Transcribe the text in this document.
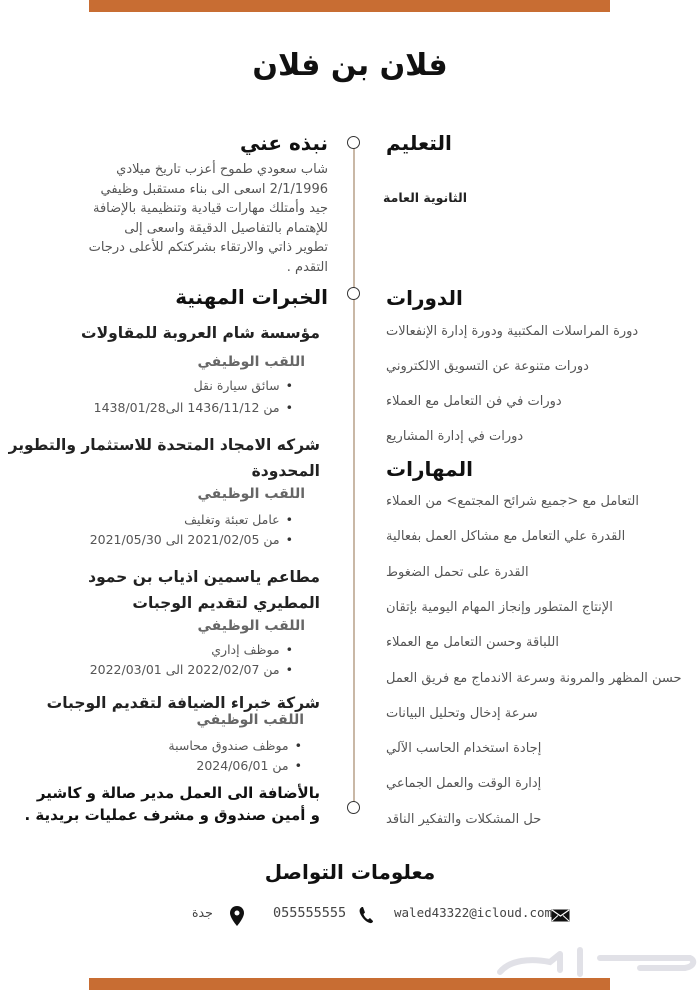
فلان بن فلان
نبذه عني
شاب سعودي طموح أعزب تاريخ ميلادي
2/1/1996 اسعى الى بناء مستقبل وظيفي
جيد وأمتلك مهارات قيادية وتنظيمية بالإضافة
للإهتمام بالتفاصيل الدقيقة واسعى إلى
تطوير ذاتي والارتقاء بشركتكم للأعلى درجات
التقدم .
الخبرات المهنية
مؤسسة شام العروبة للمقاولات
اللقب الوظيفي
• سائق سيارة نقل
• من 1436/11/12 الى1438/01/28
شركه الامجاد المتحدة للاستثمار والتطوير
المحدودة
اللقب الوظيفي
• عامل تعبئة وتغليف
• من 2021/02/05 الى 2021/05/30
مطاعم ياسمين اذياب بن حمود
المطيري لتقديم الوجبات
اللقب الوظيفي
• موظف إداري
• من 2022/02/07 الى 2022/03/01
شركة خبراء الضيافة لتقديم الوجبات
اللقب الوظيفي
• موظف صندوق محاسبة
• من 2024/06/01
بالأضافة الى العمل مدير صالة و كاشير
و أمين صندوق و مشرف عمليات بريدية .
التعليم
الثانوية العامة
الدورات
دورة المراسلات المكتبية ودورة إدارة الإنفعالات
دورات متنوعة عن التسويق الالكتروني
دورات في فن التعامل مع العملاء
دورات في إدارة المشاريع
المهارات
التعامل مع <جميع شرائح المجتمع> من العملاء
القدرة علي التعامل مع مشاكل العمل بفعالية
القدرة على تحمل الضغوط
الإنتاج المتطور وإنجاز المهام اليومية بإتقان
اللباقة وحسن التعامل مع العملاء
حسن المظهر والمرونة وسرعة الاندماج مع فريق العمل
سرعة إدخال وتحليل البيانات
إجادة استخدام الحاسب الآلي
إدارة الوقت والعمل الجماعي
حل المشكلات والتفكير الناقد
معلومات التواصل
waled43322@icloud.com
055555555
جدة
